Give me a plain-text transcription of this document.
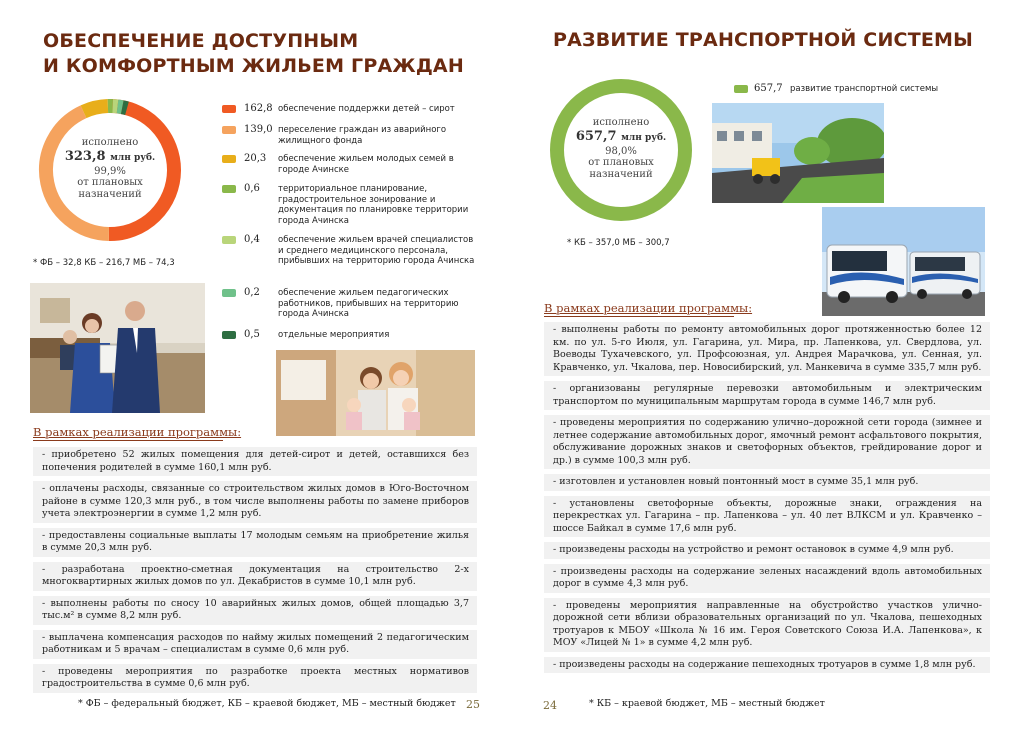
ОБЕСПЕЧЕНИЕ ДОСТУПНЫМ
И КОМФОРТНЫМ ЖИЛЬЕМ ГРАЖДАН
исполнено
323,8 млн руб.
99,9%
от плановых
назначений
162,8 обеспечение поддержки детей – сирот
139,0 переселение граждан из аварийного жилищного фонда
20,3 обеспечение жильем молодых семей в городе Ачинске
0,6 территориальное планирование, градостроительное зонирование и документация по планировке территории города Ачинска
0,4 обеспечение жильем врачей специалистов и среднего медицинского персонала, прибывших на территорию города Ачинска
0,2 обеспечение жильем педагогических работников, прибывших на территорию города Ачинска
0,5 отдельные мероприятия
* ФБ – 32,8 КБ – 216,7 МБ – 74,3
В рамках реализации программы:
- приобретено 52 жилых помещения для детей-сирот и детей, оставшихся без попечения родителей в сумме 160,1 млн руб.
- оплачены расходы, связанные со строительством жилых домов в Юго-Восточном районе в сумме 120,3 млн руб., в том числе выполнены работы по замене приборов учета электроэнергии в сумме 1,2 млн руб.
- предоставлены социальные выплаты 17 молодым семьям на приобретение жилья в сумме 20,3 млн руб.
- разработана проектно-сметная документация на строительство 2-х многоквартирных жилых домов по ул. Декабристов в сумме 10,1 млн руб.
- выполнены работы по сносу 10 аварийных жилых домов, общей площадью 3,7 тыс.м² в сумме 8,2 млн руб.
- выплачена компенсация расходов по найму жилых помещений 2 педагогическим работникам и 5 врачам – специалистам в сумме 0,6 млн руб.
- проведены мероприятия по разработке проекта местных нормативов градостроительства в сумме 0,6 млн руб.
* ФБ – федеральный бюджет, КБ – краевой бюджет, МБ – местный бюджет 25
РАЗВИТИЕ ТРАНСПОРТНОЙ СИСТЕМЫ
исполнено
657,7 млн руб.
98,0%
от плановых
назначений
657,7 развитие транспортной системы
* КБ – 357,0 МБ – 300,7
В рамках реализации программы:
- выполнены работы по ремонту автомобильных дорог протяженностью более 12 км. по ул. 5-го Июля, ул. Гагарина, ул. Мира, пр. Лапенкова, ул. Свердлова, ул. Воеводы Тухачевского, ул. Профсоюзная, ул. Андрея Марачкова, ул. Сенная, ул. Кравченко, ул. Чкалова, пер. Новосибирский, ул. Манкевича в сумме 335,7 млн руб.
- организованы регулярные перевозки автомобильным и электрическим транспортом по муниципальным маршрутам города в сумме 146,7 млн руб.
- проведены мероприятия по содержанию улично–дорожной сети города (зимнее и летнее содержание автомобильных дорог, ямочный ремонт асфальтового покрытия, обслуживание дорожных знаков и светофорных объектов, грейдирование дорог и др.) в сумме 100,3 млн руб.
- изготовлен и установлен новый понтонный мост в сумме 35,1 млн руб.
- установлены светофорные объекты, дорожные знаки, ограждения на перекрестках ул. Гагарина – пр. Лапенкова – ул. 40 лет ВЛКСМ и ул. Кравченко – шоссе Байкал в сумме 17,6 млн руб.
- произведены расходы на устройство и ремонт остановок в сумме 4,9 млн руб.
- произведены расходы на содержание зеленых насаждений вдоль автомобильных дорог в сумме 4,3 млн руб.
- проведены мероприятия направленные на обустройство участков улично-дорожной сети вблизи образовательных организаций по ул. Чкалова, пешеходных тротуаров к МБОУ «Школа № 16 им. Героя Советского Союза И.А. Лапенкова», к МОУ «Лицей № 1» в сумме 4,2 млн руб.
- произведены расходы на содержание пешеходных тротуаров в сумме 1,8 млн руб.
24	* КБ – краевой бюджет, МБ – местный бюджет
